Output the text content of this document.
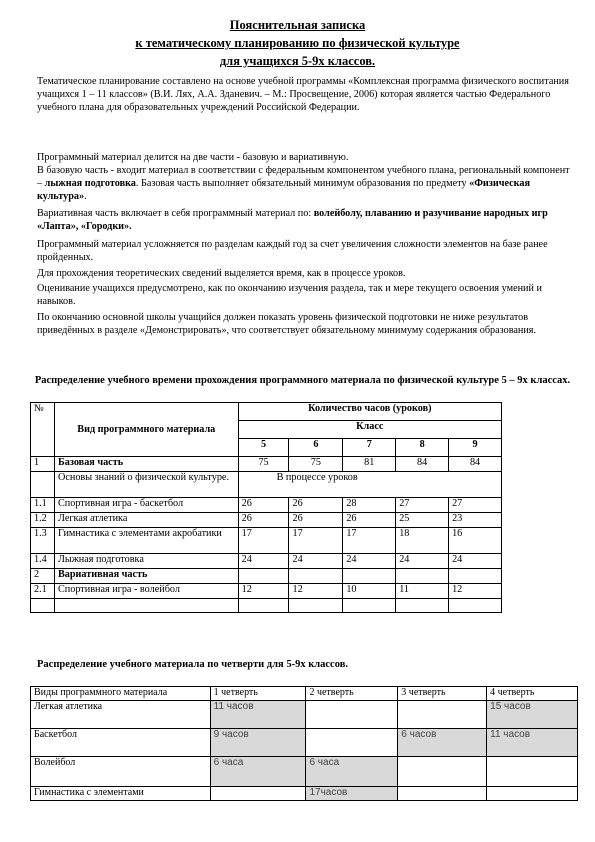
Пояснительная записка
к тематическому планированию по физической культуре
для учащихся 5-9х классов.
Тематическое планирование составлено на основе учебной программы «Комплексная программа физического воспитания учащихся 1 – 11 классов» (В.И. Лях, А.А. Зданевич. – М.: Просвещение, 2006) которая является частью Федерального учебного плана для образовательных учреждений Российской Федерации.
Программный материал делится на две части - базовую и вариативную.
В базовую часть - входит материал в соответствии с федеральным компонентом учебного плана, региональный компонент – лыжная подготовка. Базовая часть выполняет обязательный минимум образования по предмету «Физическая культура».
Вариативная часть включает в себя программный материал по: волейболу, плаванию и разучивание народных игр «Лапта», «Городки».
Программный материал усложняется по разделам каждый год за счет увеличения сложности элементов на базе ранее пройденных.
Для прохождения теоретических сведений выделяется время, как в процессе уроков.
Оценивание учащихся предусмотрено, как по окончанию изучения раздела, так и мере текущего освоения умений и навыков.
По окончанию основной школы учащийся должен показать уровень физической подготовки не ниже результатов приведённых в разделе «Демонстрировать», что соответствует обязательному минимуму содержания образования.
Распределение учебного времени прохождения программного материала по физической культуре 5 – 9х классах.
№	Вид программного материала	Количество часов (уроков)				
		Класс				
		5	6	7	8	9
1	Базовая часть	75	75	81	84	84
	Основы знаний о физической культуре.	В процессе уроков				
1.1	Спортивная игра - баскетбол	26	26	28	27	27
1.2	Легкая атлетика	26	26	26	25	23
1.3	Гимнастика с элементами акробатики	17	17	17	18	16
1.4	Лыжная подготовка	24	24	24	24	24
2	Вариативная часть					
2.1	Спортивная игра - волейбол	12	12	10	11	12

Распределение учебного материала по четверти для 5-9х классов.
Виды программного материала	1 четверть	2 четверть	3 четверть	4 четверть
Легкая атлетика	11 часов			15 часов
Баскетбол	9 часов		6 часов	11 часов
Волейбол	6 часа	6 часа		
Гимнастика с элементами		17часов		
